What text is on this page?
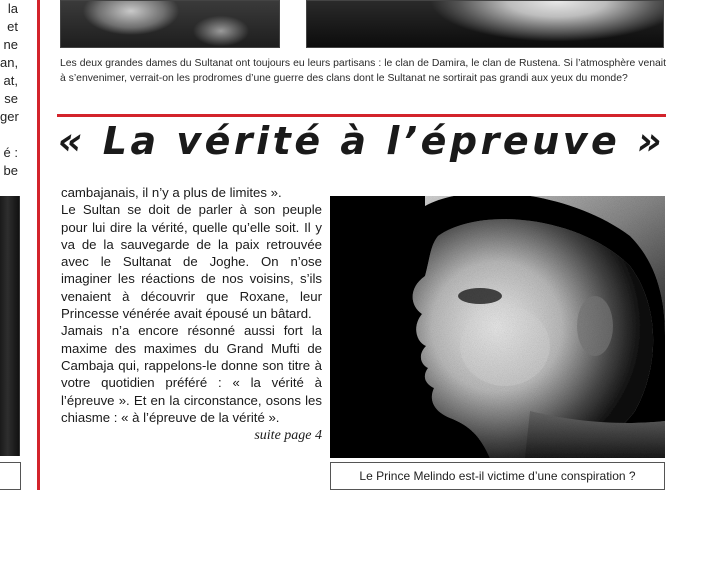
la
et
ne
an,
at,
se
ger
é :
be

Les deux grandes dames du Sultanat ont toujours eu leurs partisans : le clan de Damira, le clan de Rustena. Si l’atmosphère venait à s’envenimer, verrait-on les prodromes d’une guerre des clans dont le Sultanat ne sortirait pas grandi aux yeux du monde?

« La vérité à l’épreuve »

cambajanais, il n’y a plus de limites ».

Le Sultan se doit de parler à son peuple pour lui dire la vérité, quelle qu’elle soit. Il y va de la sauvegarde de la paix retrouvée avec le Sultanat de Joghe. On n’ose imaginer les réactions de nos voisins, s’ils venaient à découvrir que Roxane, leur Princesse vénérée avait épousé un bâtard.

Jamais n’a encore résonné aussi fort la maxime des maximes du Grand Mufti de Cambaja qui, rappelons-le donne son titre à votre quotidien préféré : « la vérité à l’épreuve ». Et en la circonstance, osons les chiasme : « à l’épreuve de la vérité ».

suite page 4

Le Prince Melindo est-il victime d’une conspiration ?
